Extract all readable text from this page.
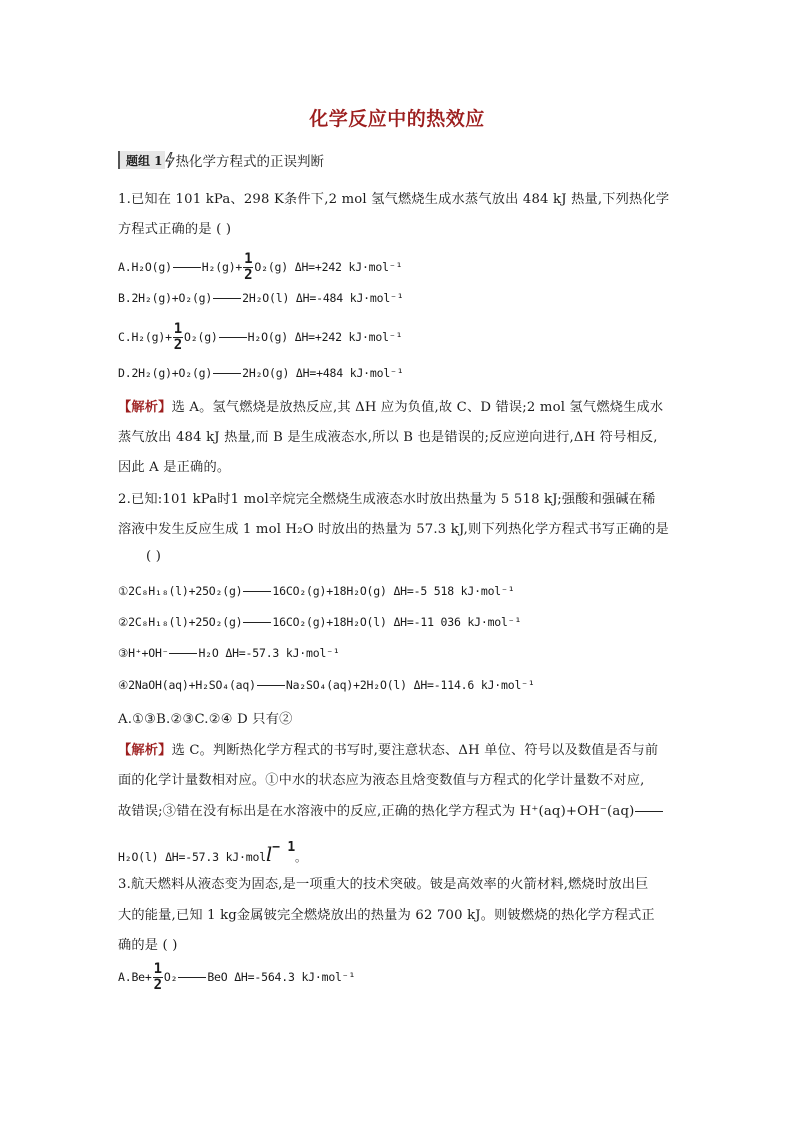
化学反应中的热效应
题组 1 热化学方程式的正误判断
1.已知在 101 kPa、298 K条件下,2 mol 氢气燃烧生成水蒸气放出 484 kJ 热量,下列热化学
方程式正确的是 ( )
A.H₂O(g)	$H_2(g)+ \frac{1}{2} O_2(g)$ ΔH=+242 kJ·mol⁻¹
B.2H₂(g)+O₂(g)	2H₂O(l) ΔH=-484 kJ·mol⁻¹
$C.H_2(g)+ \frac{1}{2} O_2(g)$	H₂O(g) ΔH=+242 kJ·mol⁻¹
D.2H₂(g)+O₂(g)	2H₂O(g) ΔH=+484 kJ·mol⁻¹
【解析】选 A。氢气燃烧是放热反应,其 ΔH 应为负值,故 C、D 错误;2 mol 氢气燃烧生成水
蒸气放出 484 kJ 热量,而 B 是生成液态水,所以 B 也是错误的;反应逆向进行,ΔH 符号相反,
因此 A 是正确的。
2.已知:101 kPa时1 mol辛烷完全燃烧生成液态水时放出热量为 5 518 kJ;强酸和强碱在稀
溶液中发生反应生成 1 mol H₂O 时放出的热量为 57.3 kJ,则下列热化学方程式书写正确的是
( )
①2C₈H₁₈(l)+25O₂(g)	16CO₂(g)+18H₂O(g) ΔH=-5 518 kJ·mol⁻¹
②2C₈H₁₈(l)+25O₂(g)	16CO₂(g)+18H₂O(l) ΔH=-11 036 kJ·mol⁻¹
③H⁺+OH⁻	H₂O ΔH=-57.3 kJ·mol⁻¹
④2NaOH(aq)+H₂SO₄(aq)	Na₂SO₄(aq)+2H₂O(l) ΔH=-114.6 kJ·mol⁻¹
A.①③B.②③C.②④ D 只有②
【解析】选 C。判断热化学方程式的书写时,要注意状态、ΔH 单位、符号以及数值是否与前
面的化学计量数相对应。①中水的状态应为液态且焓变数值与方程式的化学计量数不对应,
故错误;③错在没有标出是在水溶液中的反应,正确的热化学方程式为 H⁺(aq)+OH⁻(aq)
H₂O(l) ΔH=-57.3 kJ·moll$^{- 1}$。
3.航天燃料从液态变为固态,是一项重大的技术突破。铍是高效率的火箭材料,燃烧时放出巨
大的能量,已知 1 kg金属铍完全燃烧放出的热量为 62 700 kJ。则铍燃烧的热化学方程式正
确的是 ( )
$A.Be+ \frac{1}{2} O_2$	BeO ΔH=-564.3 kJ·mol⁻¹
